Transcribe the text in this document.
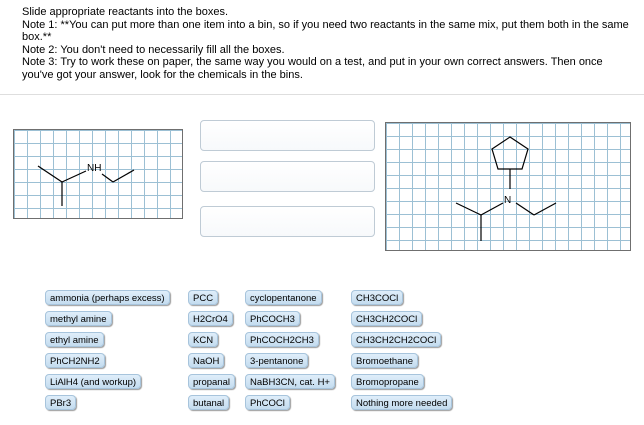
Slide appropriate reactants into the boxes.
Note 1: **You can put more than one item into a bin, so if you need two reactants in the same mix, put them both in the same box.**
Note 2: You don't need to necessarily fill all the boxes.
Note 3: Try to work these on paper, the same way you would on a test, and put in your own correct answers. Then once you've got your answer, look for the chemicals in the bins.
NH
N
ammonia (perhaps excess)
methyl amine
ethyl amine
PhCH2NH2
LiAlH4 (and workup)
PBr3
PCC
H2CrO4
KCN
NaOH
propanal
butanal
cyclopentanone
PhCOCH3
PhCOCH2CH3
3-pentanone
NaBH3CN, cat. H+
PhCOCl
CH3COCl
CH3CH2COCl
CH3CH2CH2COCl
Bromoethane
Bromopropane
Nothing more needed
